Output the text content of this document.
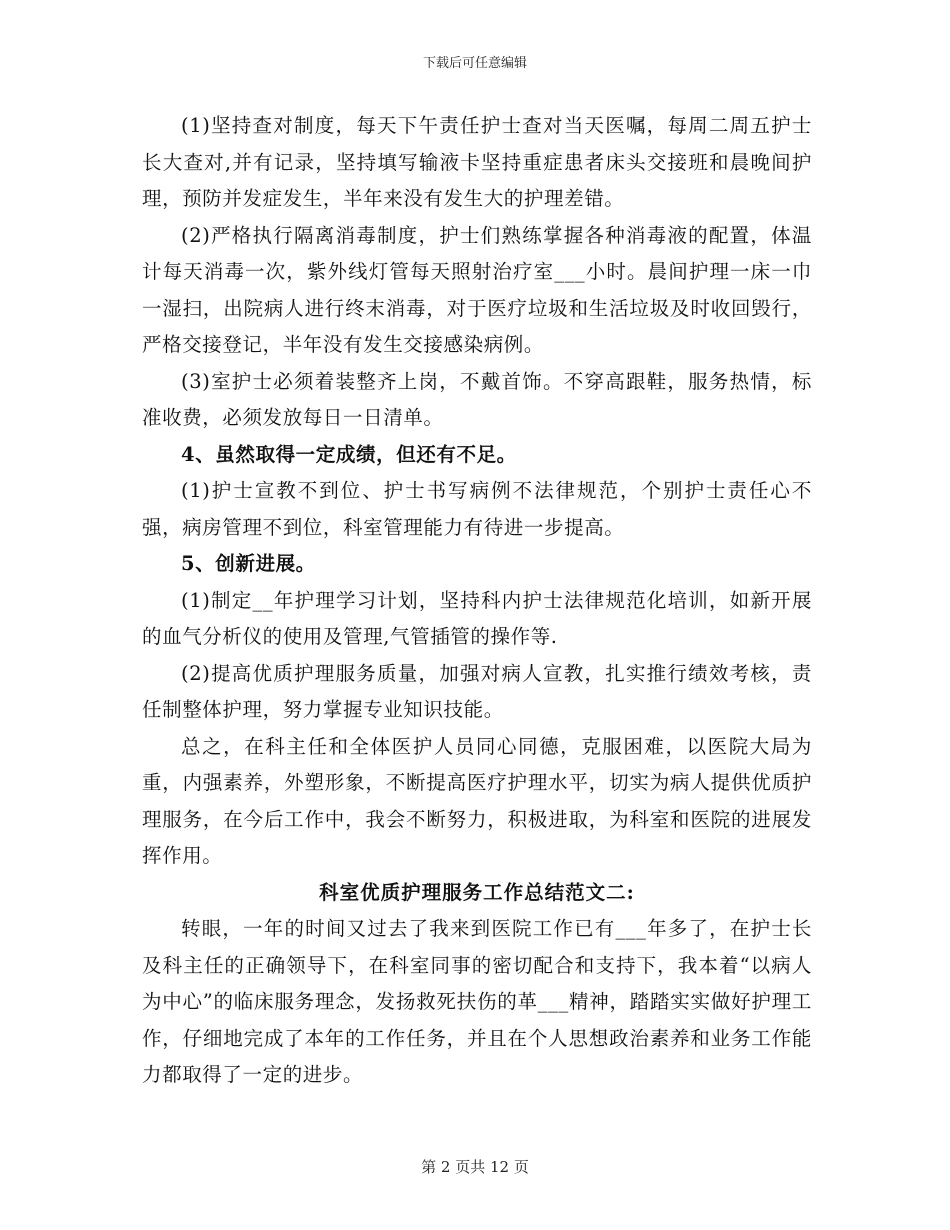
下载后可任意编辑

(1)坚持查对制度，每天下午责任护士查对当天医嘱，每周二周五护士长大查对,并有记录，坚持填写输液卡坚持重症患者床头交接班和晨晚间护理，预防并发症发生，半年来没有发生大的护理差错。

(2)严格执行隔离消毒制度，护士们熟练掌握各种消毒液的配置，体温计每天消毒一次，紫外线灯管每天照射治疗室___小时。晨间护理一床一巾一湿扫，出院病人进行终末消毒，对于医疗垃圾和生活垃圾及时收回毁行，严格交接登记，半年没有发生交接感染病例。

(3)室护士必须着装整齐上岗，不戴首饰。不穿高跟鞋，服务热情，标准收费，必须发放每日一日清单。

4、虽然取得一定成绩，但还有不足。

(1)护士宣教不到位、护士书写病例不法律规范，个别护士责任心不强，病房管理不到位，科室管理能力有待进一步提高。

5、创新进展。

(1)制定__年护理学习计划，坚持科内护士法律规范化培训，如新开展的血气分析仪的使用及管理,气管插管的操作等.

(2)提高优质护理服务质量，加强对病人宣教，扎实推行绩效考核，责任制整体护理，努力掌握专业知识技能。

总之，在科主任和全体医护人员同心同德，克服困难，以医院大局为重，内强素养，外塑形象，不断提高医疗护理水平，切实为病人提供优质护理服务，在今后工作中，我会不断努力，积极进取，为科室和医院的进展发挥作用。

科室优质护理服务工作总结范文二:

转眼，一年的时间又过去了我来到医院工作已有___年多了，在护士长及科主任的正确领导下，在科室同事的密切配合和支持下，我本着“以病人为中心”的临床服务理念，发扬救死扶伤的革___精神，踏踏实实做好护理工作，仔细地完成了本年的工作任务，并且在个人思想政治素养和业务工作能力都取得了一定的进步。

第 2 页共 12 页
